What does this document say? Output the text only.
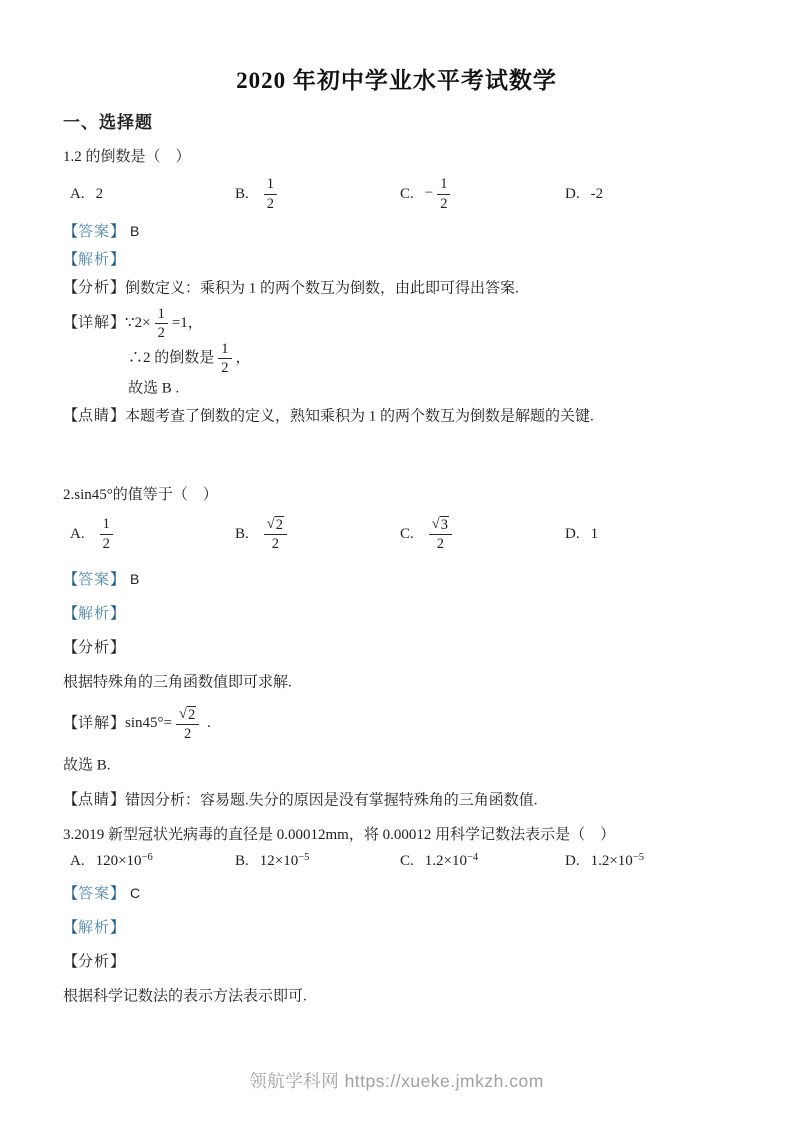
2020 年初中学业水平考试数学
一、选择题
1.2 的倒数是（　）
A. 2	B. $\frac{1}{2}$	C. − $\frac{1}{2}$	D. -2
【答案】 B
【解析】
【分析】倒数定义：乘积为 1 的两个数互为倒数，由此即可得出答案.
【详解】∵2× $\frac{1}{2} =1$，
∴2 的倒数是 $\frac{1}{2}$ ，
故选 B .
【点睛】本题考查了倒数的定义，熟知乘积为 1 的两个数互为倒数是解题的关键.
2.sin45°的值等于（　）
A. $\frac{1}{2}$	B. $\frac{√2}{2}$	C. $\frac{√3}{2}$	D. 1
【答案】 B
【解析】
【分析】
根据特殊角的三角函数值即可求解.
【详解】$\sin 45^\circ= \frac{√2}{2}$ .
故选 B.
【点睛】错因分析：容易题.失分的原因是没有掌握特殊角的三角函数值.
3.2019 新型冠状光病毒的直径是 0.00012mm，将 0.00012 用科学记数法表示是（　）
A. $120\times 10^{-6}$	B. $12\times 10^{-5}$	C. $1.2\times 10^{-4}$	D. $1.2\times 10^{-5}$
【答案】 C
【解析】
【分析】
根据科学记数法的表示方法表示即可.
领航学科网 https://xueke.jmkzh.com
